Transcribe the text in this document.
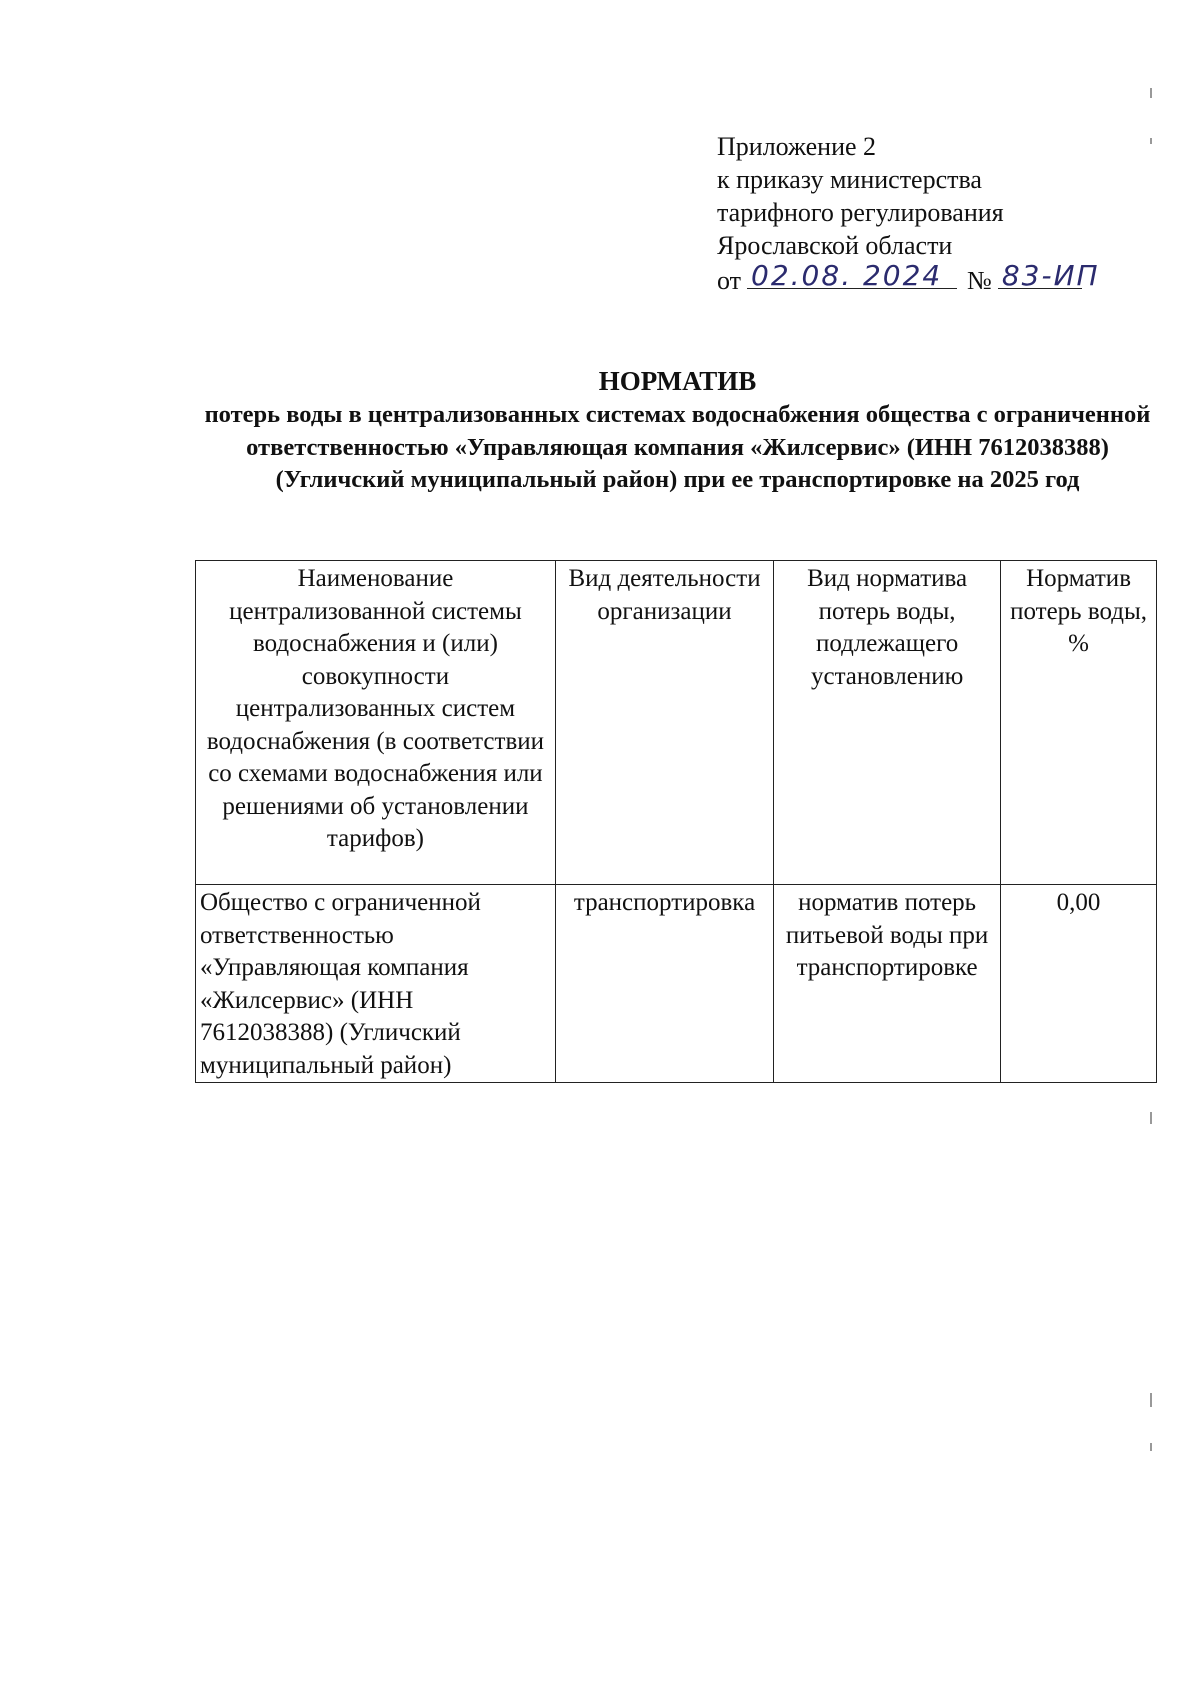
Приложение 2
к приказу министерства
тарифного регулирования
Ярославской области
от 02.08. 2024 № 83-ИП
НОРМАТИВ
потерь воды в централизованных системах водоснабжения общества с ограниченной ответственностью «Управляющая компания «Жилсервис» (ИНН 7612038388) (Угличский муниципальный район) при ее транспортировке на 2025 год
Наименование централизованной системы водоснабжения и (или) совокупности централизованных систем водоснабжения (в соответствии со схемами водоснабжения или решениями об установлении тарифов)	Вид деятельности организации	Вид норматива потерь воды, подлежащего установлению	Норматив потерь воды, %
Общество с ограниченной ответственностью «Управляющая компания «Жилсервис» (ИНН 7612038388) (Угличский муниципальный район)	транспортировка	норматив потерь питьевой воды при транспортировке	0,00
